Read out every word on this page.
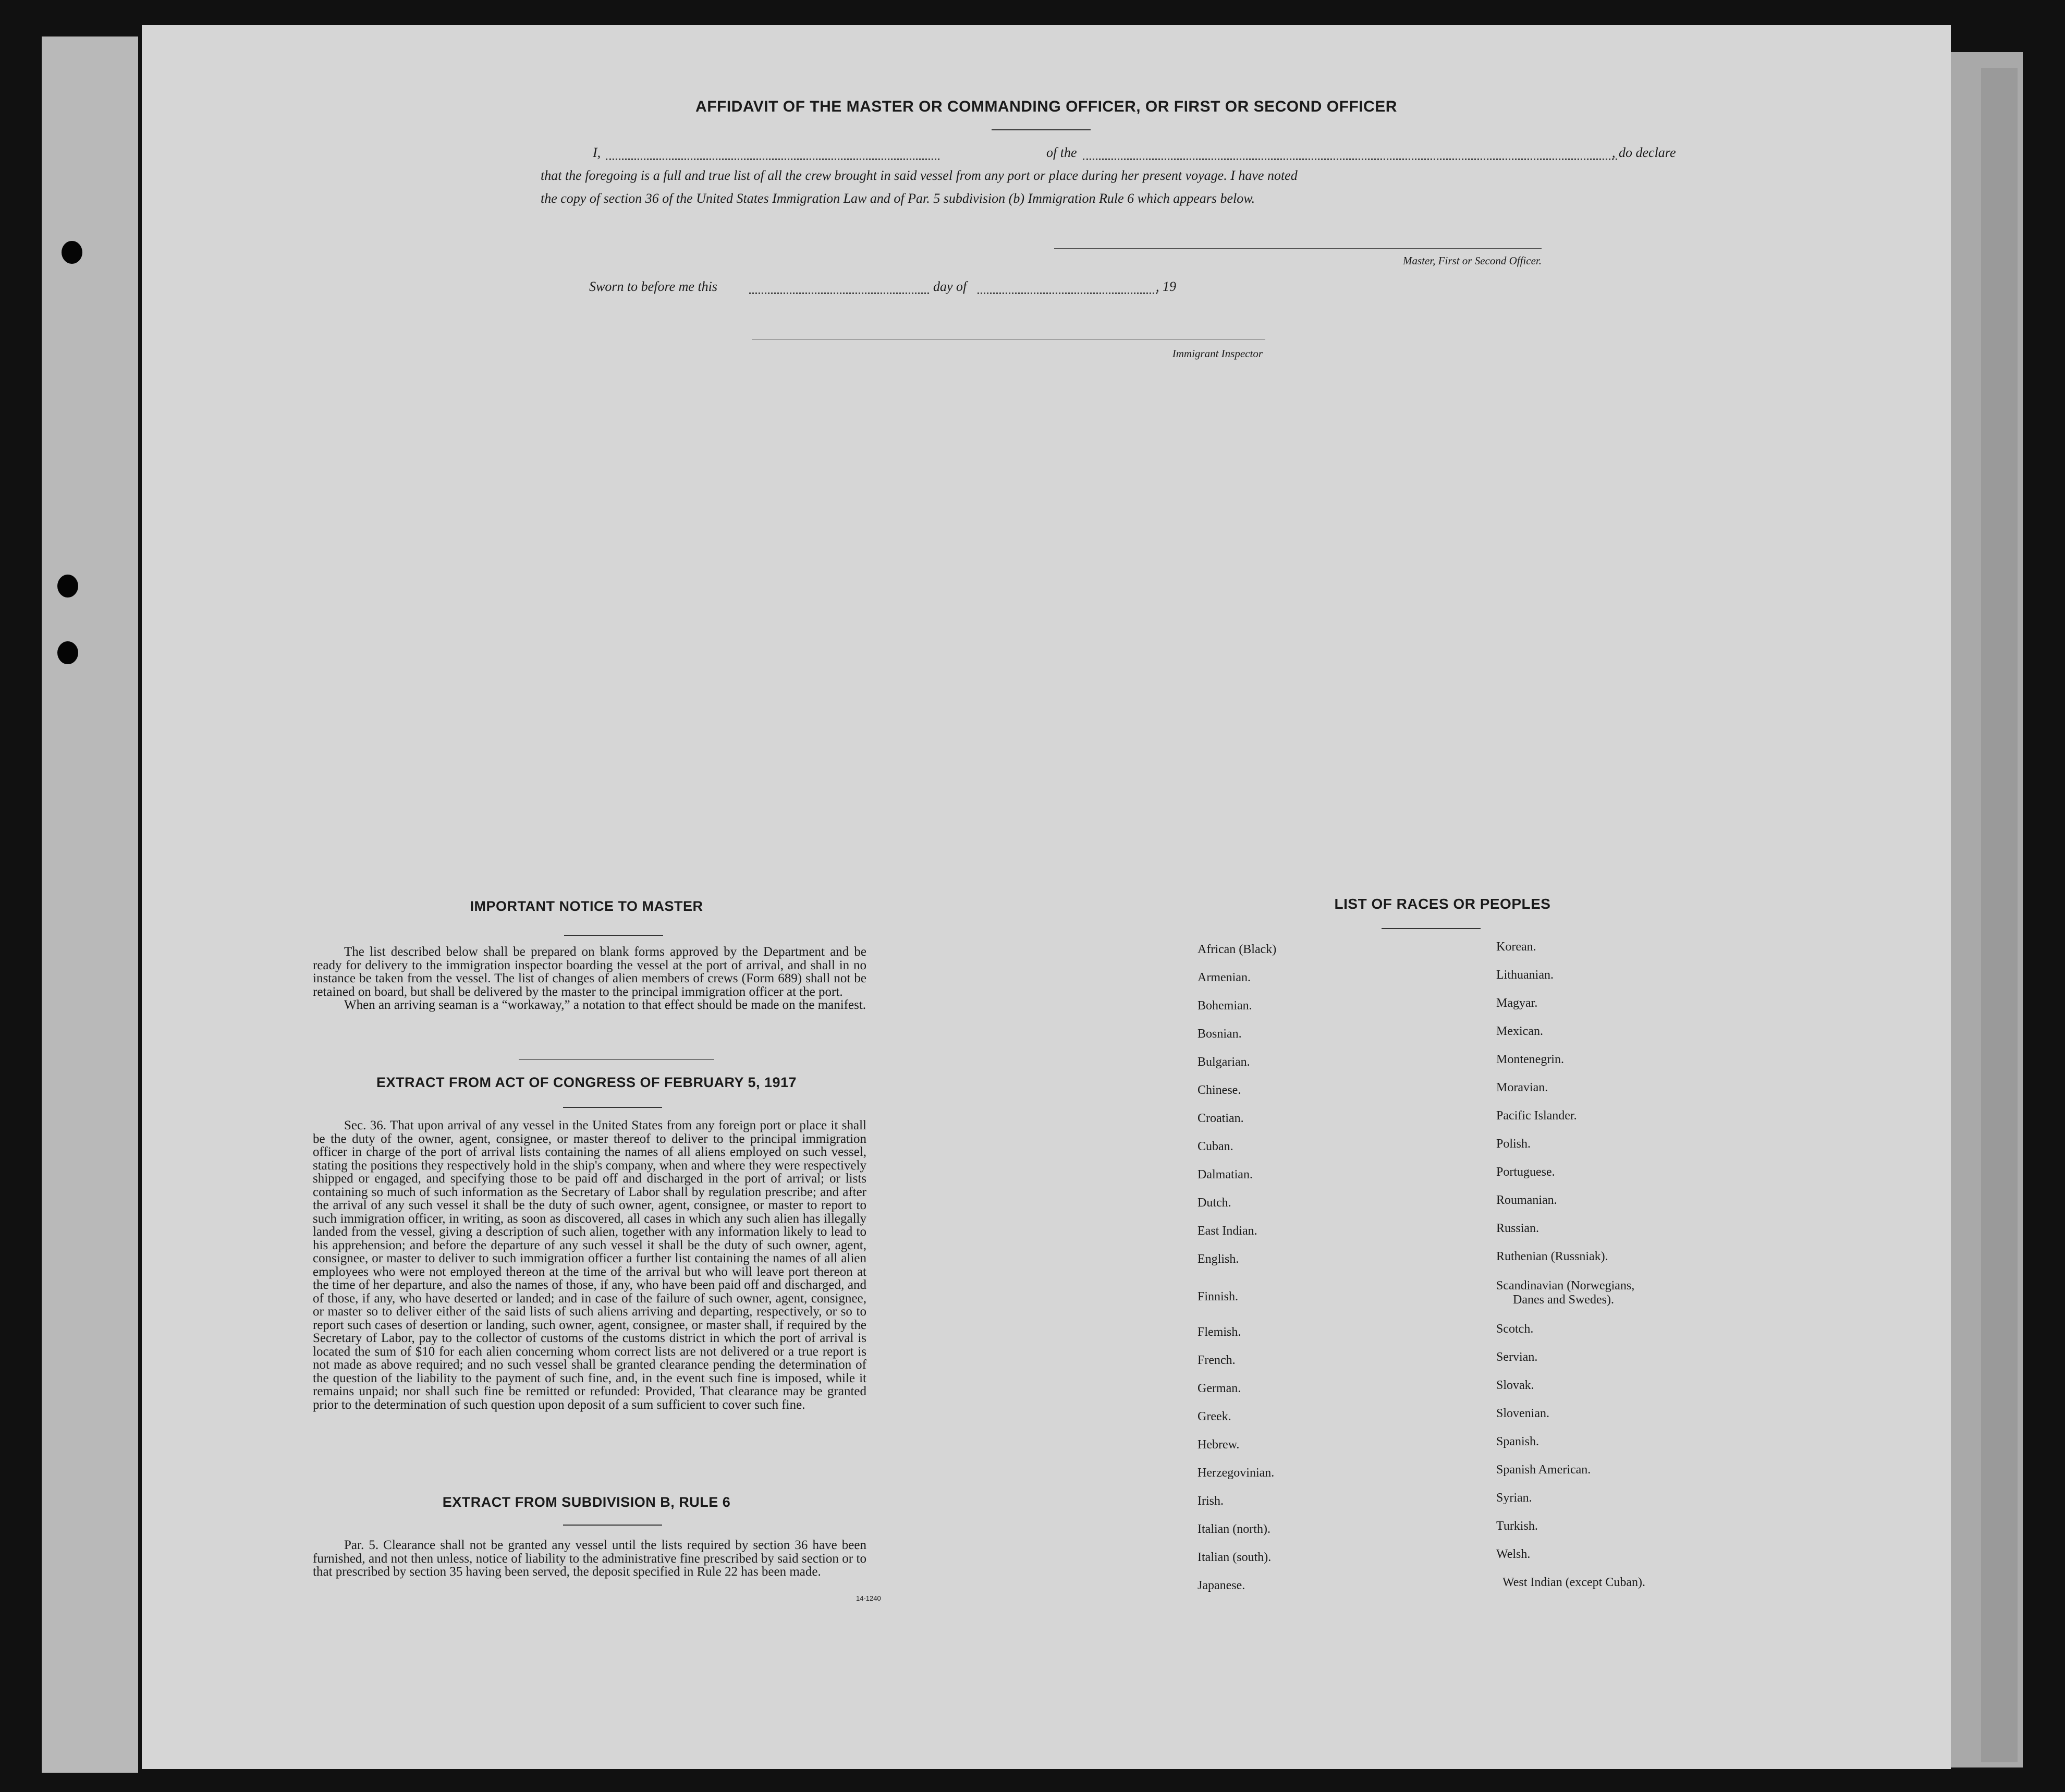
AFFIDAVIT OF THE MASTER OR COMMANDING OFFICER, OR FIRST OR SECOND OFFICER
I,	of the	, do declare
that the foregoing is a full and true list of all the crew brought in said vessel from any port or place during her present voyage. I have noted
the copy of section 36 of the United States Immigration Law and of Par. 5 subdivision (b) Immigration Rule 6 which appears below.
Master, First or Second Officer.
Sworn to before me this	day of	, 19
Immigrant Inspector
IMPORTANT NOTICE TO MASTER

The list described below shall be prepared on blank forms approved by the Department and be ready for delivery to the immigration inspector boarding the vessel at the port of arrival, and shall in no instance be taken from the vessel. The list of changes of alien members of crews (Form 689) shall not be retained on board, but shall be delivered by the master to the principal immigration officer at the port.

When an arriving seaman is a “workaway,” a notation to that effect should be made on the manifest.

EXTRACT FROM ACT OF CONGRESS OF FEBRUARY 5, 1917

Sec. 36. That upon arrival of any vessel in the United States from any foreign port or place it shall be the duty of the owner, agent, consignee, or master thereof to deliver to the principal immigration officer in charge of the port of arrival lists containing the names of all aliens employed on such vessel, stating the positions they respectively hold in the ship's company, when and where they were respectively shipped or engaged, and specifying those to be paid off and discharged in the port of arrival; or lists containing so much of such information as the Secretary of Labor shall by regulation prescribe; and after the arrival of any such vessel it shall be the duty of such owner, agent, consignee, or master to report to such immigration officer, in writing, as soon as discovered, all cases in which any such alien has illegally landed from the vessel, giving a description of such alien, together with any information likely to lead to his apprehension; and before the departure of any such vessel it shall be the duty of such owner, agent, consignee, or master to deliver to such immigration officer a further list containing the names of all alien employees who were not employed thereon at the time of the arrival but who will leave port thereon at the time of her departure, and also the names of those, if any, who have been paid off and discharged, and of those, if any, who have deserted or landed; and in case of the failure of such owner, agent, consignee, or master so to deliver either of the said lists of such aliens arriving and departing, respectively, or so to report such cases of desertion or landing, such owner, agent, consignee, or master shall, if required by the Secretary of Labor, pay to the collector of customs of the customs district in which the port of arrival is located the sum of $10 for each alien concerning whom correct lists are not delivered or a true report is not made as above required; and no such vessel shall be granted clearance pending the determination of the question of the liability to the payment of such fine, and, in the event such fine is imposed, while it remains unpaid; nor shall such fine be remitted or refunded: Provided, That clearance may be granted prior to the determination of such question upon deposit of a sum sufficient to cover such fine.

EXTRACT FROM SUBDIVISION B, RULE 6

Par. 5. Clearance shall not be granted any vessel until the lists required by section 36 have been furnished, and not then unless, notice of liability to the administrative fine prescribed by said section or to that prescribed by section 35 having been served, the deposit specified in Rule 22 has been made.

14-1240
LIST OF RACES OR PEOPLES
African (Black)
Armenian.
Bohemian.
Bosnian.
Bulgarian.
Chinese.
Croatian.
Cuban.
Dalmatian.
Dutch.
East Indian.
English.
Finnish.
Flemish.
French.
German.
Greek.
Hebrew.
Herzegovinian.
Irish.
Italian (north).
Italian (south).
Japanese.
Korean.
Lithuanian.
Magyar.
Mexican.
Montenegrin.
Moravian.
Pacific Islander.
Polish.
Portuguese.
Roumanian.
Russian.
Ruthenian (Russniak).
Scandinavian (Norwegians,
Danes and Swedes).
Scotch.
Servian.
Slovak.
Slovenian.
Spanish.
Spanish American.
Syrian.
Turkish.
Welsh.
West Indian (except Cuban).
